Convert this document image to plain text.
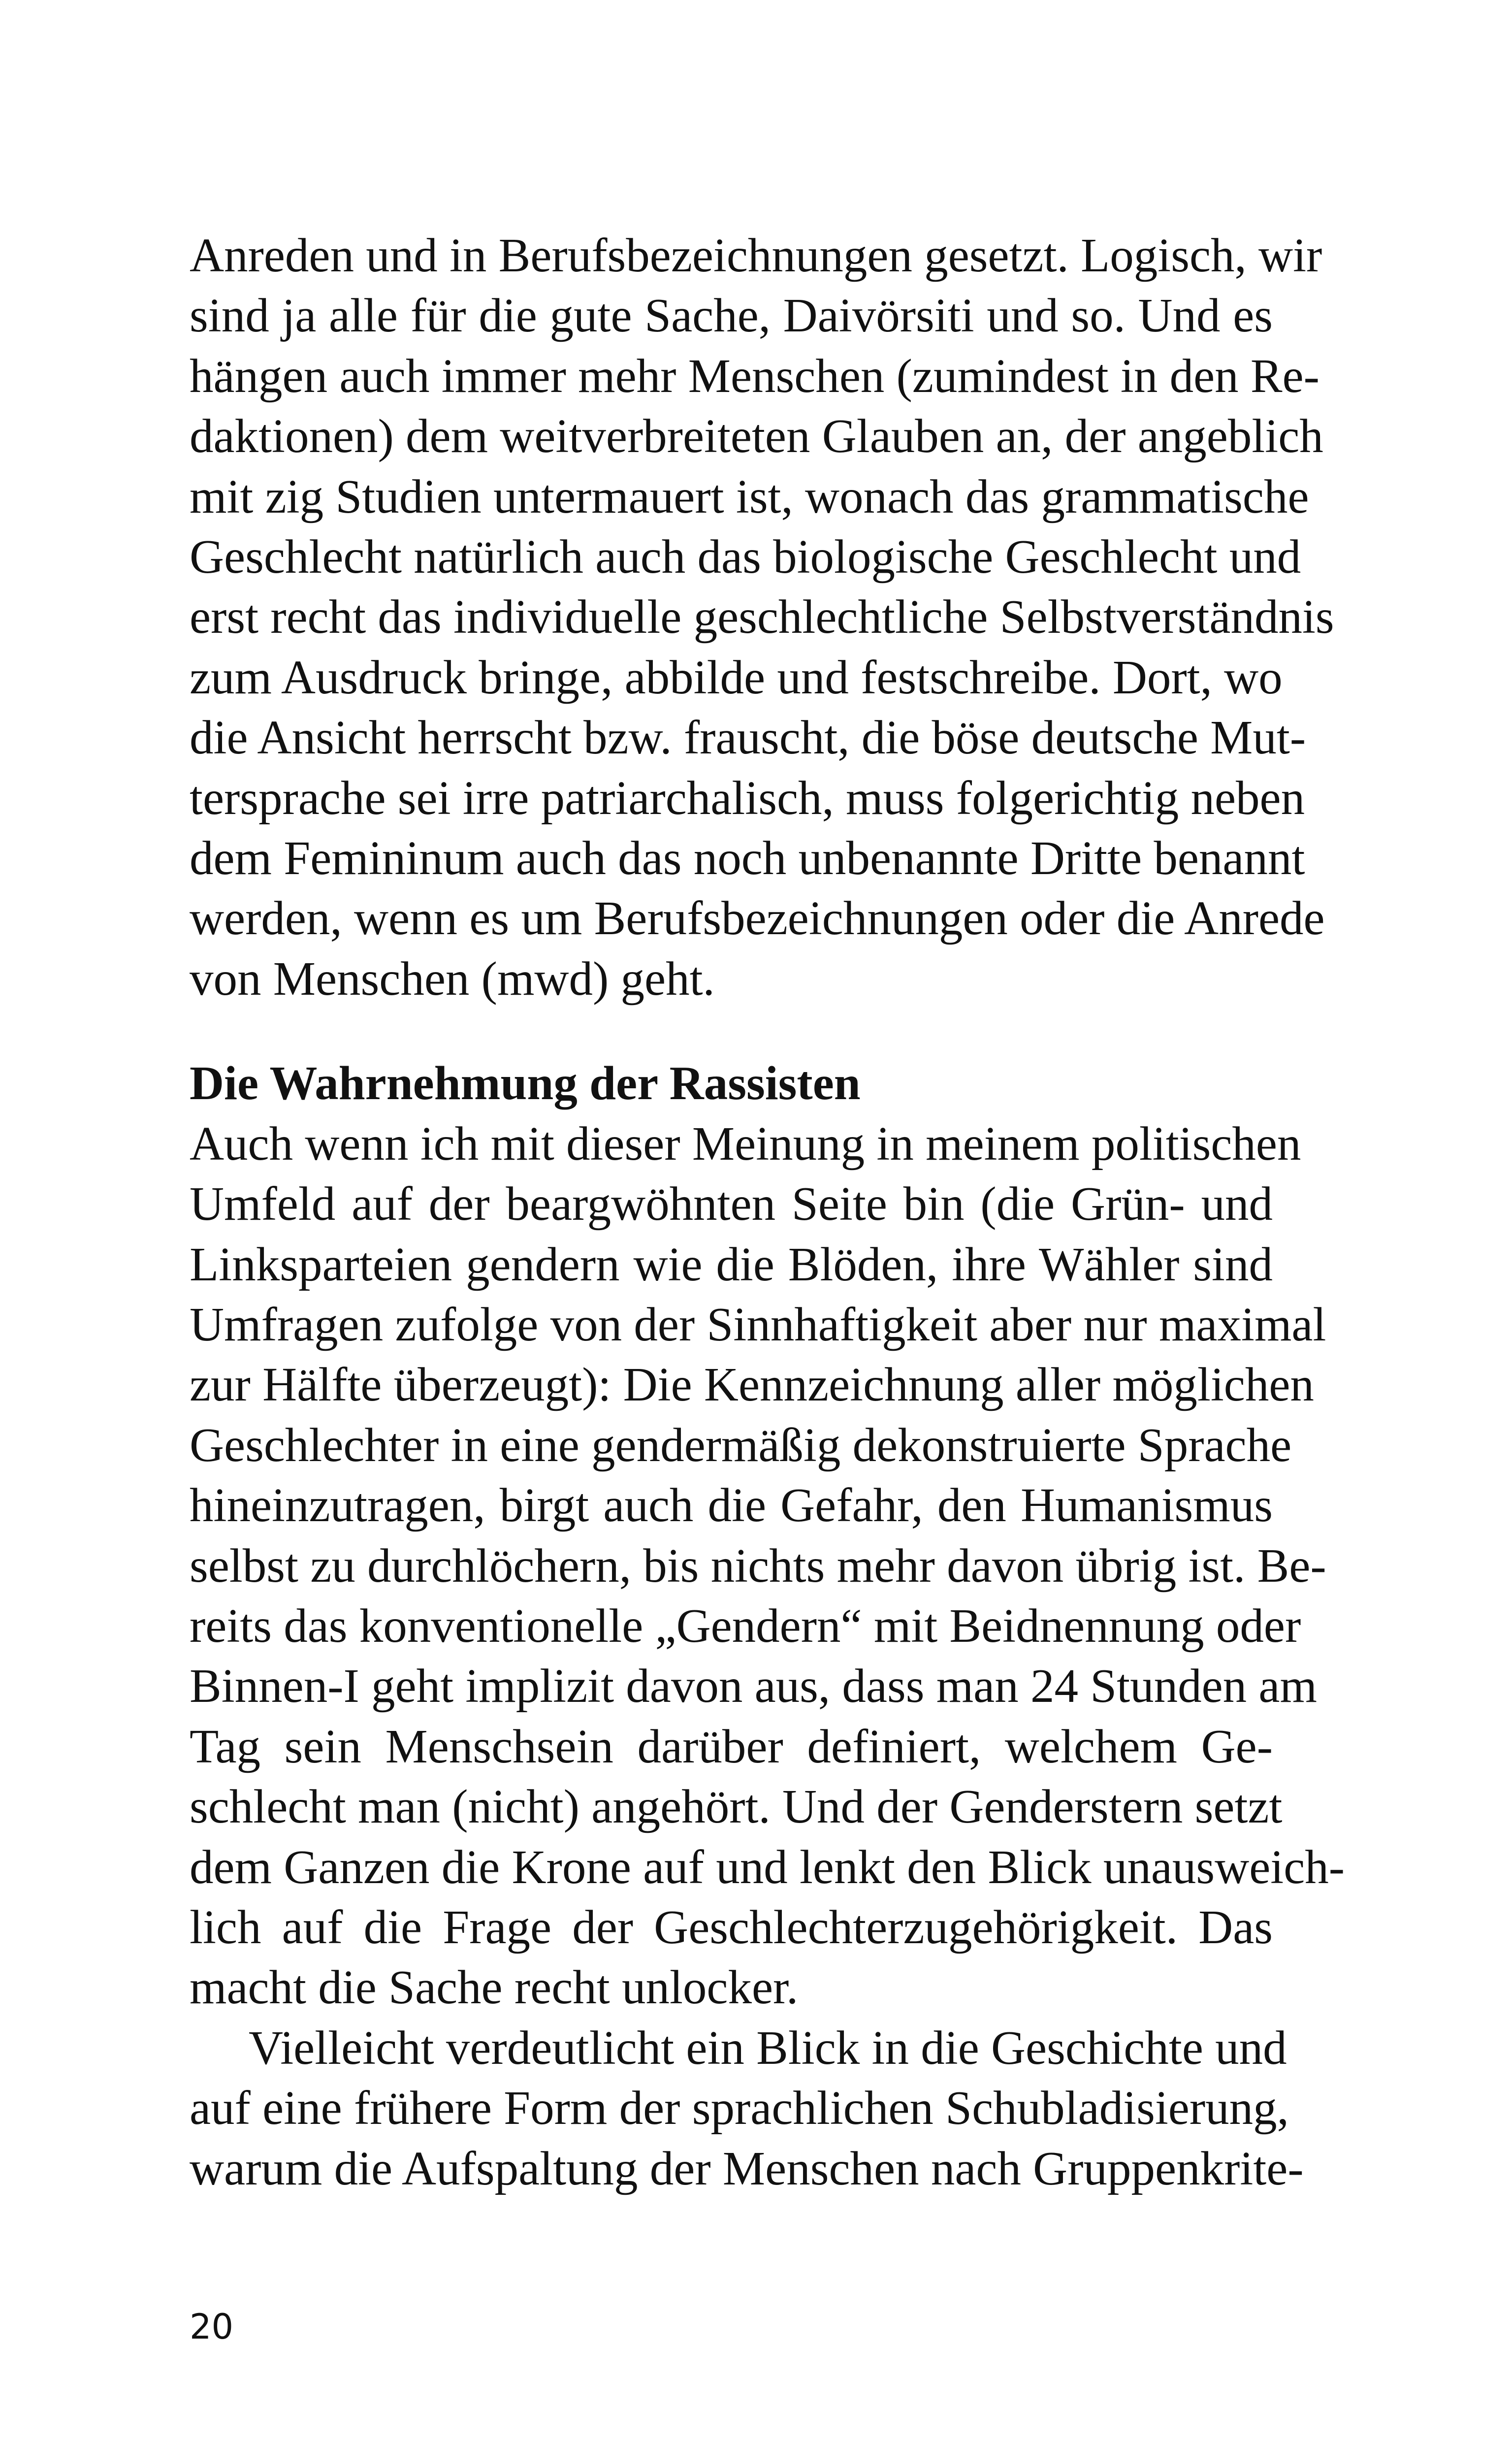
Anreden und in Berufsbezeichnungen gesetzt. Logisch, wir
sind ja alle für die gute Sache, Daivörsiti und so. Und es
hängen auch immer mehr Menschen (zumindest in den Re-
daktionen) dem weitverbreiteten Glauben an, der angeblich
mit zig Studien untermauert ist, wonach das grammatische
Geschlecht natürlich auch das biologische Geschlecht und
erst recht das individuelle geschlechtliche Selbstverständnis
zum Ausdruck bringe, abbilde und festschreibe. Dort, wo
die Ansicht herrscht bzw. frauscht, die böse deutsche Mut-
tersprache sei irre patriarchalisch, muss folgerichtig neben
dem Femininum auch das noch unbenannte Dritte benannt
werden, wenn es um Berufsbezeichnungen oder die Anrede
von Menschen (mwd) geht.
Die Wahrnehmung der Rassisten
Auch wenn ich mit dieser Meinung in meinem politischen
Umfeld auf der beargwöhnten Seite bin (die Grün- und
Linksparteien gendern wie die Blöden, ihre Wähler sind
Umfragen zufolge von der Sinnhaftigkeit aber nur maximal
zur Hälfte überzeugt): Die Kennzeichnung aller möglichen
Geschlechter in eine gendermäßig dekonstruierte Sprache
hineinzutragen, birgt auch die Gefahr, den Humanismus
selbst zu durchlöchern, bis nichts mehr davon übrig ist. Be-
reits das konventionelle „Gendern“ mit Beidnennung oder
Binnen-I geht implizit davon aus, dass man 24 Stunden am
Tag sein Menschsein darüber definiert, welchem Ge-
schlecht man (nicht) angehört. Und der Genderstern setzt
dem Ganzen die Krone auf und lenkt den Blick unausweich-
lich auf die Frage der Geschlechterzugehörigkeit. Das
macht die Sache recht unlocker.
Vielleicht verdeutlicht ein Blick in die Geschichte und
auf eine frühere Form der sprachlichen Schubladisierung,
warum die Aufspaltung der Menschen nach Gruppenkrite-
20
